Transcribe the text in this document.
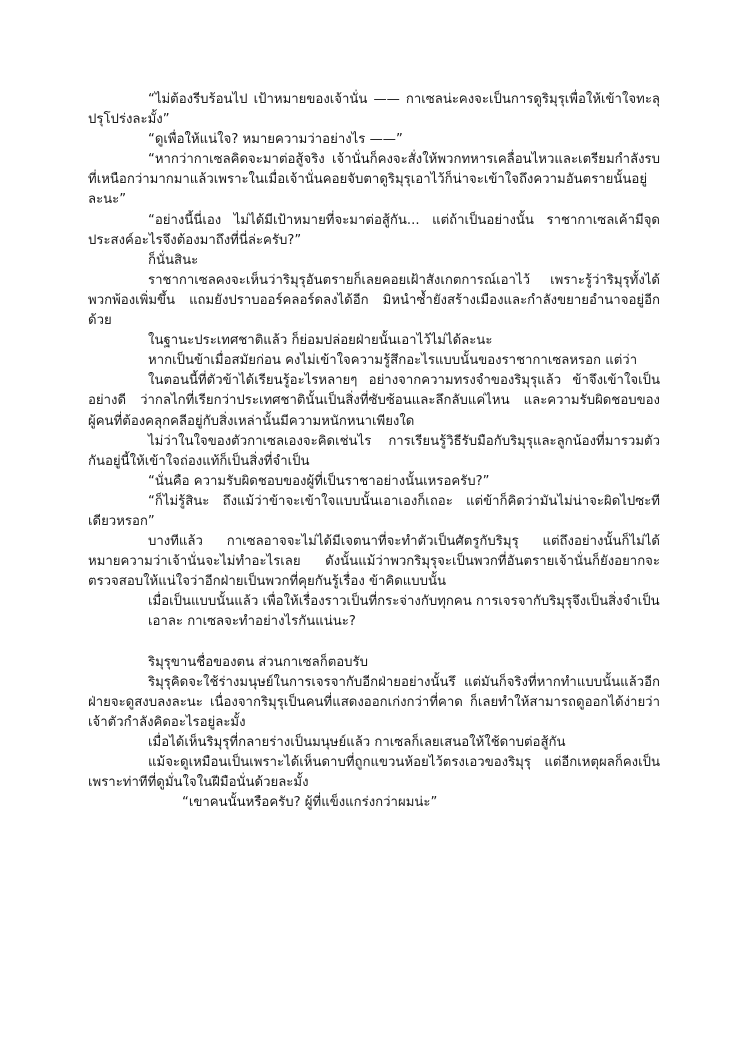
“ไม่ต้องรีบร้อนไป เป้าหมายของเจ้านั่น —— กาเซลน่ะคงจะเป็นการดูริมุรุเพื่อให้เข้าใจทะลุปรุโปร่งละมั้ง”

“ดูเพื่อให้แน่ใจ? หมายความว่าอย่างไร ——”

“หากว่ากาเซลคิดจะมาต่อสู้จริง เจ้านั่นก็คงจะสั่งให้พวกทหารเคลื่อนไหวและเตรียมกำลังรบที่เหนือกว่ามากมาแล้วเพราะในเมื่อเจ้านั่นคอยจับตาดูริมุรุเอาไว้ก็น่าจะเข้าใจถึงความอันตรายนั้นอยู่ละนะ”

“อย่างนี้นี่เอง ไม่ได้มีเป้าหมายที่จะมาต่อสู้กัน... แต่ถ้าเป็นอย่างนั้น ราชากาเซลเค้ามีจุดประสงค์อะไรจึงต้องมาถึงที่นี่ล่ะครับ?”

ก็นั่นสินะ

ราชากาเซลคงจะเห็นว่าริมุรุอันตรายก็เลยคอยเฝ้าสังเกตการณ์เอาไว้ เพราะรู้ว่าริมุรุทั้งได้พวกพ้องเพิ่มขึ้น แถมยังปราบออร์คลอร์ดลงได้อีก มิหนำซ้ำยังสร้างเมืองและกำลังขยายอำนาจอยู่อีกด้วย

ในฐานะประเทศชาติแล้ว ก็ย่อมปล่อยฝ่ายนั้นเอาไว้ไม่ได้ละนะ

หากเป็นข้าเมื่อสมัยก่อน คงไม่เข้าใจความรู้สึกอะไรแบบนั้นของราชากาเซลหรอก แต่ว่า

ในตอนนี้ที่ตัวข้าได้เรียนรู้อะไรหลายๆ อย่างจากความทรงจำของริมุรุแล้ว ข้าจึงเข้าใจเป็นอย่างดี ว่ากลไกที่เรียกว่าประเทศชาตินั้นเป็นสิ่งที่ซับซ้อนและลึกลับแค่ไหน และความรับผิดชอบของผู้คนที่ต้องคลุกคลีอยู่กับสิ่งเหล่านั้นมีความหนักหนาเพียงใด

ไม่ว่าในใจของตัวกาเซลเองจะคิดเช่นไร การเรียนรู้วิธีรับมือกับริมุรุและลูกน้องที่มารวมตัวกันอยู่นี้ให้เข้าใจถ่องแท้ก็เป็นสิ่งที่จำเป็น

“นั่นคือ ความรับผิดชอบของผู้ที่เป็นราชาอย่างนั้นเหรอครับ?”

“ก็ไม่รู้สินะ ถึงแม้ว่าข้าจะเข้าใจแบบนั้นเอาเองก็เถอะ แต่ข้าก็คิดว่ามันไม่น่าจะผิดไปซะทีเดียวหรอก”

บางทีแล้ว กาเซลอาจจะไม่ได้มีเจตนาที่จะทำตัวเป็นศัตรูกับริมุรุ แต่ถึงอย่างนั้นก็ไม่ได้หมายความว่าเจ้านั่นจะไม่ทำอะไรเลย ดังนั้นแม้ว่าพวกริมุรุจะเป็นพวกที่อันตรายเจ้านั่นก็ยังอยากจะตรวจสอบให้แน่ใจว่าอีกฝ่ายเป็นพวกที่คุยกันรู้เรื่อง ข้าคิดแบบนั้น

เมื่อเป็นแบบนั้นแล้ว เพื่อให้เรื่องราวเป็นที่กระจ่างกับทุกคน การเจรจากับริมุรุจึงเป็นสิ่งจำเป็น

เอาละ กาเซลจะทำอย่างไรกันแน่นะ?

ริมุรุขานชื่อของตน ส่วนกาเซลก็ตอบรับ

ริมุรุคิดจะใช้ร่างมนุษย์ในการเจรจากับอีกฝ่ายอย่างนั้นรึ แต่มันก็จริงที่หากทำแบบนั้นแล้วอีกฝ่ายจะดูสงบลงละนะ เนื่องจากริมุรุเป็นคนที่แสดงออกเก่งกว่าที่คาด ก็เลยทำให้สามารถดูออกได้ง่ายว่าเจ้าตัวกำลังคิดอะไรอยู่ละมั้ง

เมื่อได้เห็นริมุรุที่กลายร่างเป็นมนุษย์แล้ว กาเซลก็เลยเสนอให้ใช้ดาบต่อสู้กัน

แม้จะดูเหมือนเป็นเพราะได้เห็นดาบที่ถูกแขวนห้อยไว้ตรงเอวของริมุรุ แต่อีกเหตุผลก็คงเป็นเพราะท่าทีที่ดูมั่นใจในฝีมือนั่นด้วยละมั้ง

“เขาคนนั้นหรือครับ? ผู้ที่แข็งแกร่งกว่าผมน่ะ”
